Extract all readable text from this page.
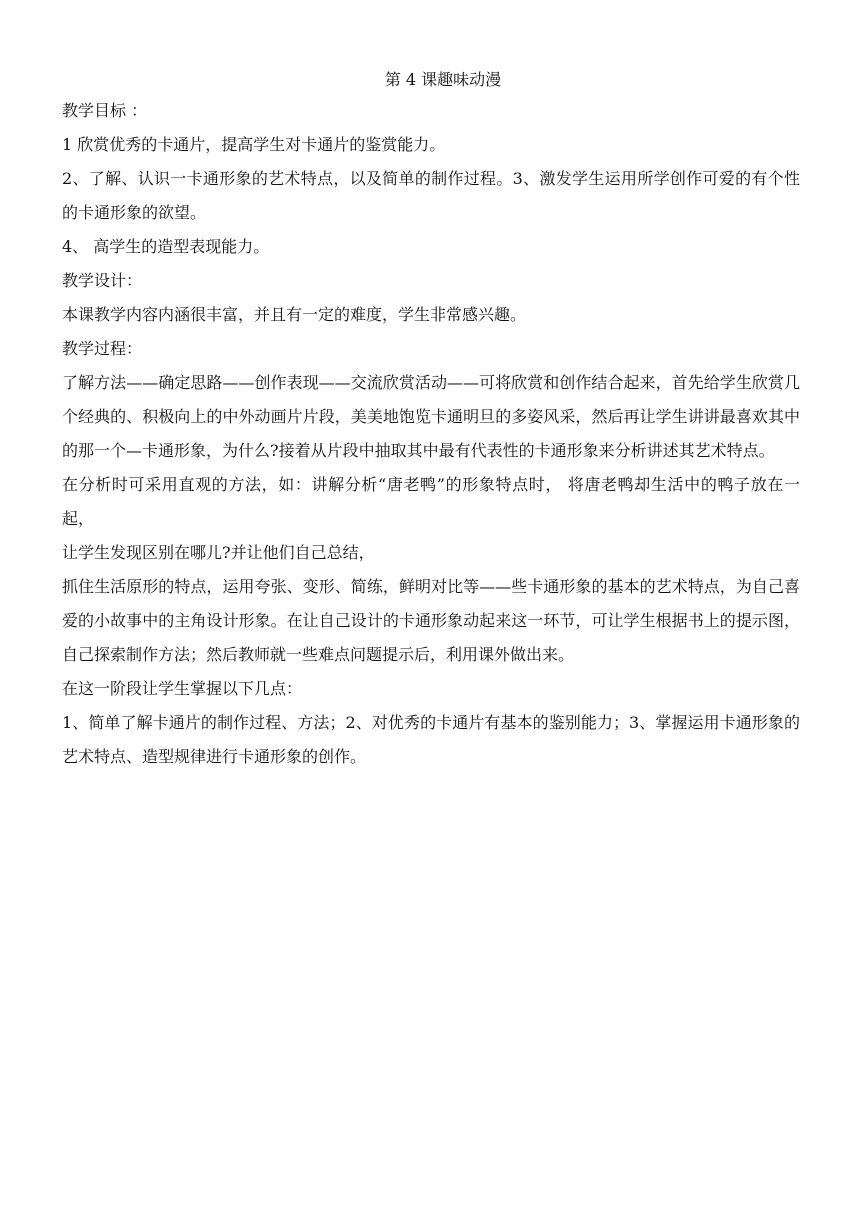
第 4 课趣味动漫

教学目标 ：

1 欣赏优秀的卡通片，提高学生对卡通片的鉴赏能力。

2、了解、认识一卡通形象的艺术特点，以及简单的制作过程。3、激发学生运用所学创作可爱的有个性的卡通形象的欲望。

4、 高学生的造型表现能力。

教学设计：

本课教学内容内涵很丰富，并且有一定的难度，学生非常感兴趣。

教学过程：

了解方法——确定思路——创作表现——交流欣赏活动——可将欣赏和创作结合起来，首先给学生欣赏几个经典的、积极向上的中外动画片片段，美美地饱览卡通明旦的多姿风采，然后再让学生讲讲最喜欢其中的那一个—卡通形象，为什么?接着从片段中抽取其中最有代表性的卡通形象来分析讲述其艺术特点。

在分析时可采用直观的方法，如：讲解分析“唐老鸭”的形象特点时， 将唐老鸭却生活中的鸭子放在一起，

让学生发现区别在哪儿?并让他们自己总结，

抓住生活原形的特点，运用夸张、变形、简练，鲜明对比等——些卡通形象的基本的艺术特点，为自己喜爱的小故事中的主角设计形象。在让自己设计的卡通形象动起来这一环节，可让学生根据书上的提示图，自己探索制作方法；然后教师就一些难点问题提示后，利用课外做出来。

在这一阶段让学生掌握以下几点：

1、简单了解卡通片的制作过程、方法；2、对优秀的卡通片有基本的鉴别能力；3、掌握运用卡通形象的艺术特点、造型规律进行卡通形象的创作。
